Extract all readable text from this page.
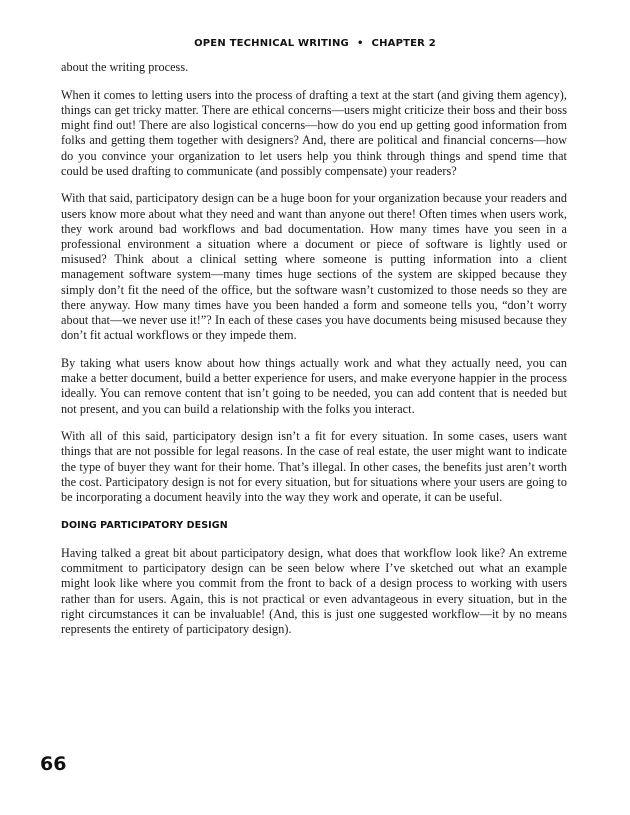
OPEN TECHNICAL WRITING • CHAPTER 2

about the writing process.

When it comes to letting users into the process of drafting a text at the start (and giving them agency), things can get tricky matter. There are ethical concerns—users might criticize their boss and their boss might find out! There are also logistical concerns—how do you end up getting good information from folks and getting them together with designers? And, there are political and financial concerns—how do you convince your organization to let users help you think through things and spend time that could be used drafting to communicate (and possibly compensate) your readers?

With that said, participatory design can be a huge boon for your organization because your readers and users know more about what they need and want than anyone out there! Often times when users work, they work around bad workflows and bad documentation. How many times have you seen in a professional environment a situation where a document or piece of software is lightly used or misused? Think about a clinical setting where someone is putting information into a client management software system—many times huge sections of the system are skipped because they simply don’t fit the need of the office, but the software wasn’t customized to those needs so they are there anyway. How many times have you been handed a form and someone tells you, “don’t worry about that—we never use it!”? In each of these cases you have documents being misused because they don’t fit actual workflows or they impede them.

By taking what users know about how things actually work and what they actually need, you can make a better document, build a better experience for users, and make everyone happier in the process ideally. You can remove content that isn’t going to be needed, you can add content that is needed but not present, and you can build a relationship with the folks you interact.

With all of this said, participatory design isn’t a fit for every situation. In some cases, users want things that are not possible for legal reasons. In the case of real estate, the user might want to indicate the type of buyer they want for their home. That’s illegal. In other cases, the benefits just aren’t worth the cost. Participatory design is not for every situation, but for situations where your users are going to be incorporating a document heavily into the way they work and operate, it can be useful.

DOING PARTICIPATORY DESIGN

Having talked a great bit about participatory design, what does that workflow look like? An extreme commitment to participatory design can be seen below where I’ve sketched out what an example might look like where you commit from the front to back of a design process to working with users rather than for users. Again, this is not practical or even advantageous in every situation, but in the right circumstances it can be invaluable! (And, this is just one suggested workflow—it by no means represents the entirety of participatory design).

66
